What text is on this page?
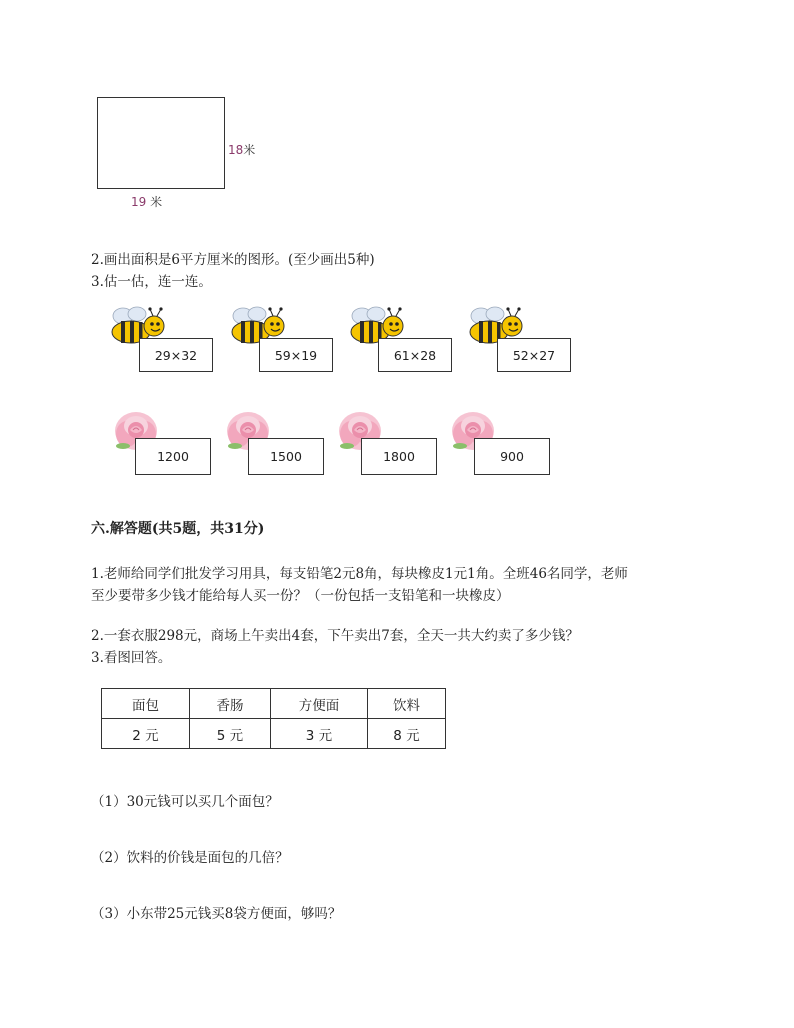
18米
19 米
2.画出面积是6平方厘米的图形。(至少画出5种)
3.估一估，连一连。
29×32	59×19	61×28	52×27
1200	1500	1800	900
六.解答题(共5题，共31分)
1.老师给同学们批发学习用具，每支铅笔2元8角，每块橡皮1元1角。全班46名同学，老师
至少要带多少钱才能给每人买一份？（一份包括一支铅笔和一块橡皮）
2.一套衣服298元，商场上午卖出4套，下午卖出7套，全天一共大约卖了多少钱？
3.看图回答。
面包	香肠	方便面	饮料
2 元	5 元	3 元	8 元
（1）30元钱可以买几个面包？
（2）饮料的价钱是面包的几倍？
（3）小东带25元钱买8袋方便面，够吗？
